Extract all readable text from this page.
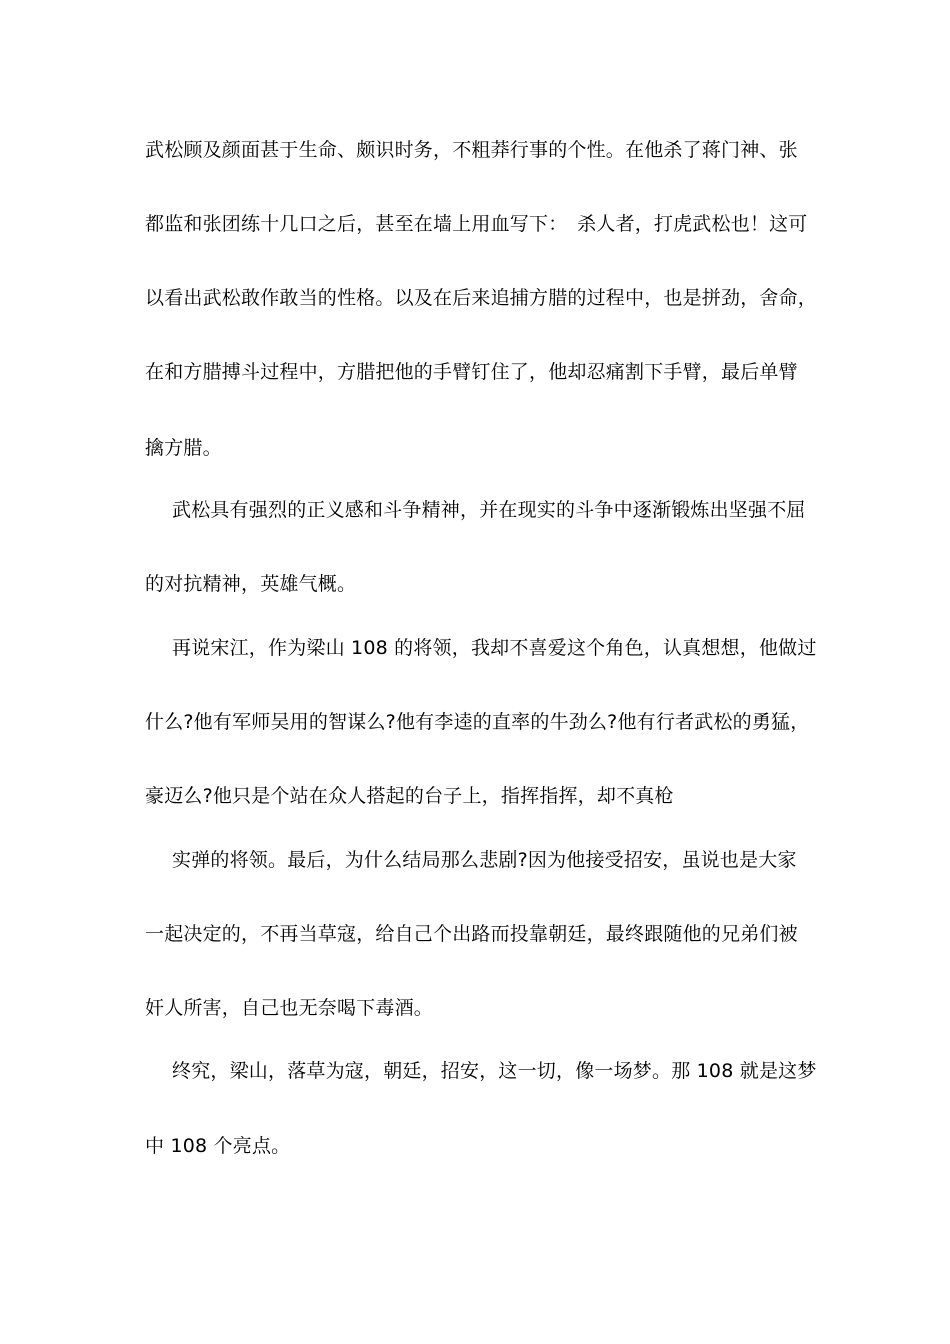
武松顾及颜面甚于生命、颇识时务，不粗莽行事的个性。在他杀了蒋门神、张
都监和张团练十几口之后，甚至在墙上用血写下：　杀人者，打虎武松也！这可
以看出武松敢作敢当的性格。以及在后来追捕方腊的过程中，也是拼劲，舍命，
在和方腊搏斗过程中，方腊把他的手臂钉住了，他却忍痛割下手臂，最后单臂
擒方腊。
武松具有强烈的正义感和斗争精神，并在现实的斗争中逐渐锻炼出坚强不屈
的对抗精神，英雄气概。
再说宋江，作为梁山 108 的将领，我却不喜爱这个角色，认真想想，他做过
什么?他有军师吴用的智谋么?他有李逵的直率的牛劲么?他有行者武松的勇猛，
豪迈么?他只是个站在众人搭起的台子上，指挥指挥，却不真枪
实弹的将领。最后，为什么结局那么悲剧?因为他接受招安，虽说也是大家
一起决定的，不再当草寇，给自己个出路而投靠朝廷，最终跟随他的兄弟们被
奸人所害，自己也无奈喝下毒酒。
终究，梁山，落草为寇，朝廷，招安，这一切，像一场梦。那 108 就是这梦
中 108 个亮点。
